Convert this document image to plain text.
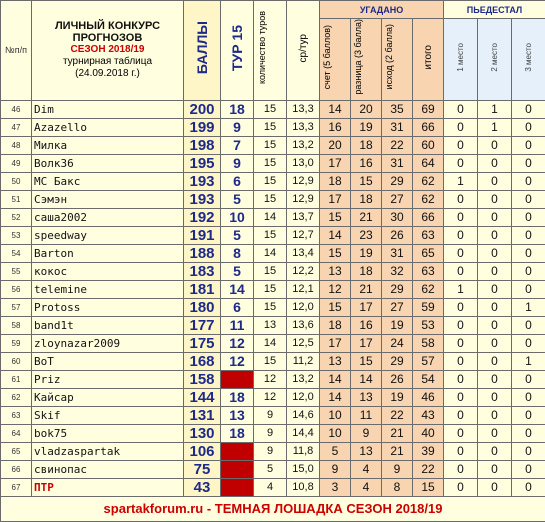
№п/п	ЛИЧНЫЙ КОНКУРС
ПРОГНОЗОВ
СЕЗОН 2018/19
турнирная таблица
(24.09.2018 г.)	БАЛЛЫ	ТУР 15	количество туров	ср/тур	УГАДАНО				ПЬЕДЕСТАЛ		
						счет (5 баллов)	разница (3 балла)	исход (2 балла)	итого	1 место	2 место	3 место
46	Dim	200	18	15	13,3	14	20	35	69	0	1	0
47	Azazello	199	9	15	13,3	16	19	31	66	0	1	0
48	Милка	198	7	15	13,2	20	18	22	60	0	0	0
49	Волк36	195	9	15	13,0	17	16	31	64	0	0	0
50	МС Бакс	193	6	15	12,9	18	15	29	62	1	0	0
51	Сэмэн	193	5	15	12,9	17	18	27	62	0	0	0
52	саша2002	192	10	14	13,7	15	21	30	66	0	0	0
53	speedway	191	5	15	12,7	14	23	26	63	0	0	0
54	Barton	188	8	14	13,4	15	19	31	65	0	0	0
55	кокос	183	5	15	12,2	13	18	32	63	0	0	0
56	telemine	181	14	15	12,1	12	21	29	62	1	0	0
57	Protoss	180	6	15	12,0	15	17	27	59	0	0	1
58	band1t	177	11	13	13,6	18	16	19	53	0	0	0
59	zloynazar2009	175	12	14	12,5	17	17	24	58	0	0	0
60	ВоТ	168	12	15	11,2	13	15	29	57	0	0	1
61	Priz	158		12	13,2	14	14	26	54	0	0	0
62	Кайсар	144	18	12	12,0	14	13	19	46	0	0	0
63	Skif	131	13	9	14,6	10	11	22	43	0	0	0
64	bok75	130	18	9	14,4	10	9	21	40	0	0	0
65	vladzaspartak	106		9	11,8	5	13	21	39	0	0	0
66	свинопас	75		5	15,0	9	4	9	22	0	0	0
67	ПТР	43		4	10,8	3	4	8	15	0	0	0
spartakforum.ru - ТЕМНАЯ ЛОШАДКА СЕЗОН 2018/19												
